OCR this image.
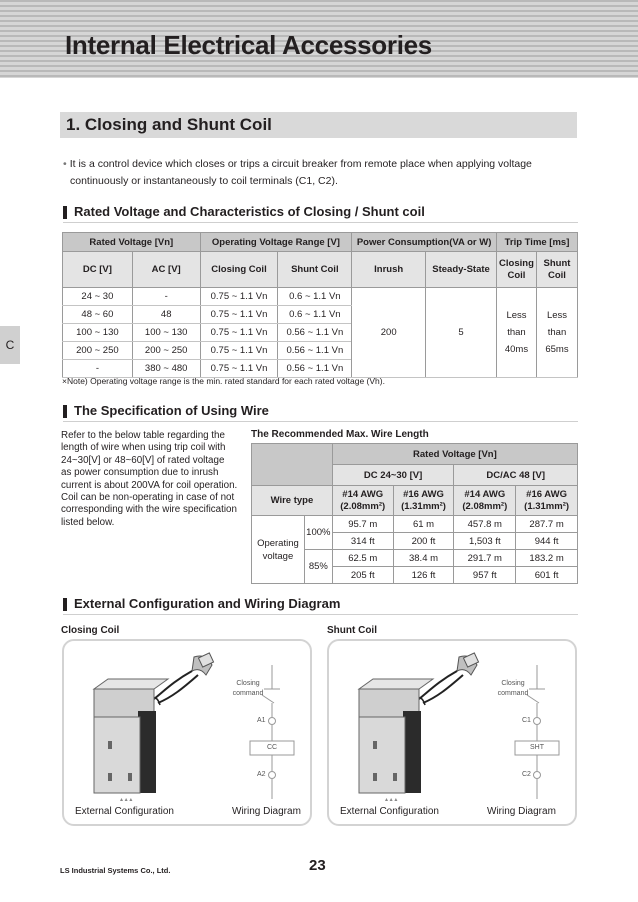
Internal Electrical Accessories
1. Closing and Shunt Coil
• It is a control device which closes or trips a circuit breaker from remote place when applying voltage
continuously or instantaneously to coil terminals (C1, C2).
C
Rated Voltage and Characteristics of Closing / Shunt coil
Rated Voltage [Vn]		Operating Voltage Range [V]		Power Consumption(VA or W)		Trip Time [ms]	
DC [V]	AC [V]	Closing Coil	Shunt Coil	Inrush	Steady-State	Closing Coil	Shunt Coil
24 ~ 30	-	0.75 ~ 1.1 Vn	0.6 ~ 1.1 Vn	200	5	Less
than
40ms	Less
than
65ms
48 ~ 60	48	0.75 ~ 1.1 Vn	0.6 ~ 1.1 Vn				
100 ~ 130	100 ~ 130	0.75 ~ 1.1 Vn	0.56 ~ 1.1 Vn				
200 ~ 250	200 ~ 250	0.75 ~ 1.1 Vn	0.56 ~ 1.1 Vn				
-	380 ~ 480	0.75 ~ 1.1 Vn	0.56 ~ 1.1 Vn				
×Note) Operating voltage range is the min. rated standard for each rated voltage (Vh).
The Specification of Using Wire
Refer to the below table regarding the
length of wire when using trip coil with
24~30[V] or 48~60[V] of rated voltage
as power consumption due to inrush
current is about 200VA for coil operation.
Coil can be non-operating in case of not
corresponding with the wire specification
listed below.
The Recommended Max. Wire Length
		Rated Voltage [Vn]			
		DC 24~30 [V]		DC/AC 48 [V]	
Wire type		#14 AWG
(2.08mm²)	#16 AWG
(1.31mm²)	#14 AWG
(2.08mm²)	#16 AWG
(1.31mm²)
Operating
voltage	100%	95.7 m	61 m	457.8 m	287.7 m
		314 ft	200 ft	1,503 ft	944 ft
	85%	62.5 m	38.4 m	291.7 m	183.2 m
		205 ft	126 ft	957 ft	601 ft
External Configuration and Wiring Diagram
Closing Coil	Shunt Coil
▴ ▴ ▴
Closing
command
A1
CC
A2
External Configuration	Wiring Diagram
▴ ▴ ▴
Closing
command
C1
SHT
C2
External Configuration	Wiring Diagram
LS Industrial Systems Co., Ltd.	23
